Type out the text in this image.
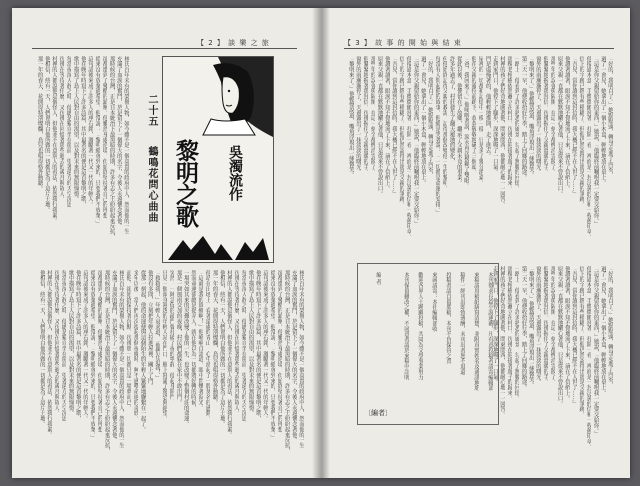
【 2 】 談 樂 之 旅
林氏百年未有的榮譽人物，如今雖不是一個高貴的政府中人，然而他的一生
充滿了血淚的奮鬥，於是留下了一個偉大的名字，令後人永遠懷念著他。
那時候的台灣，正是日本統治下最黑暗的時期，許多有志之士紛紛起來反抗，
卻都遭到了殘酷的鎮壓。他雖然身處逆境，但始終堅持著自己的理想，
從來沒有放棄過希望。他常說：「黎明總會到來的，只要我們不放棄。」
這句話後來成了許多人的座右銘，激勵著一代又一代的年輕人。
他在晚年時寫下了許多詩篇，其中最著名的便是這首黎明之歌，
歌中描寫了島上人民對自由的渴望，以及對未來的無限憧憬。
每當夜深人靜之時，他總是獨自坐在窗前，望著遠方的天空沉思，
彷彿在等待著什麼，又彷彿在回憶著那些逝去的歲月與故人。
村裡的人都說他是個怪人，但他並不在意別人的看法，依然我行我素。
他相信，終有一天，人們會明白他所做的一切都是為了這片土地。
那一年的春天，花開得特別燦爛，鳥兒也唱得格外動聽。
林氏百年未有的榮譽人物，如今雖不是一個高貴的政府中人，然而他的一生
充滿了血淚的奮鬥，於是留下了一個偉大的名字，令後人永遠懷念著他。
那時候的台灣，正是日本統治下最黑暗的時期，許多有志之士紛紛起來反抗，
卻都遭到了殘酷的鎮壓。他雖然身處逆境，但始終堅持著自己的理想，
從來沒有放棄過希望。他常說：「黎明總會到來的，只要我們不放棄。」
這句話後來成了許多人的座右銘，激勵著一代又一代的年輕人。
他在晚年時寫下了許多詩篇，其中最著名的便是這首黎明之歌，
歌中描寫了島上人民對自由的渴望，以及對未來的無限憧憬。
每當夜深人靜之時，他總是獨自坐在窗前，望著遠方的天空沉思，
彷彿在等待著什麼，又彷彿在回憶著那些逝去的歲月與故人。
村裡的人都說他是個怪人，但他並不在意別人的看法，依然我行我素。
他相信，終有一天，人們會明白他所做的一切都是為了這片土地。
那一年的春天，花開得特別燦爛，鳥兒也唱得格外動聽。
他站在田埂上，看著遠處的青山，心中湧起了一股莫名的感動。
「這就是我的故鄉啊！」他喃喃自語道，眼中閃爍著淚光。
然而命運卻總是捉弄人，就在他以為一切都將好轉的時候，
一場突如其來的災難改變了他的一生，也改變了整個村莊的命運。
那是一個風雨交加的夜晚，村民們都躲在家中不敢出門。
突然，一陣急促的敲門聲打破了夜的寧靜，他起身開門，
只見一個渾身濕透的年輕人站在門口，臉上寫滿了驚恐與絕望。
「救救我！」年輕人哀求道，「他們在追我！」
他沒有多問，立刻把年輕人拉進屋裡，關上了門。
從那一刻起，他的命運便與這個陌生的年輕人緊緊地聯繫在一起了。
多年以後，當人們再次提起那個夜晚時，無不感嘆命運的奇妙。
而他，卻始終保持著沉默，彷彿那一切都只是一場夢而已。
林氏百年未有的榮譽人物，如今雖不是一個高貴的政府中人，然而他的一生
充滿了血淚的奮鬥，於是留下了一個偉大的名字，令後人永遠懷念著他。
那時候的台灣，正是日本統治下最黑暗的時期，許多有志之士紛紛起來反抗，
卻都遭到了殘酷的鎮壓。他雖然身處逆境，但始終堅持著自己的理想，
從來沒有放棄過希望。他常說：「黎明總會到來的，只要我們不放棄。」
這句話後來成了許多人的座右銘，激勵著一代又一代的年輕人。
他在晚年時寫下了許多詩篇，其中最著名的便是這首黎明之歌，
歌中描寫了島上人民對自由的渴望，以及對未來的無限憧憬。
每當夜深人靜之時，他總是獨自坐在窗前，望著遠方的天空沉思，
彷彿在等待著什麼，又彷彿在回憶著那些逝去的歲月與故人。
村裡的人都說他是個怪人，但他並不在意別人的看法，依然我行我素。
他相信，終有一天，人們會明白他所做的一切都是為了這片土地。
二十五  鶴鳴花問心曲曲 黎明之歌 吳濁流作
【 3 】 故 事 的 開 始 與 結 束
「好的，我明白了。」她點點頭，轉身走進了內室，
過了一會兒，她拿出了一個小木盒，輕輕地放在桌上。
「這是你父親留給你的東西，」她說，「他臨終前囑咐我一定要交給你。」
他接過木盒，手微微顫抖著，打開一看，裡面是一封泛黃的信和一枚舊印章。
信上的字跡已經有些模糊了，但他仍然認得出那是父親的筆跡。
「吾兒，當你讀到這封信時，我大概已經不在人世了……」
他讀著讀著，眼淚不知不覺地流了下來，滴在了信紙上。
原來父親一直都在默默地關心著他，只是從來不曾說出口。
那些年的誤會與隔閡，在這一刻全都煙消雲散了。
他緊緊地握著那封信，彷彿握住了父親溫暖的手。
窗外的雨漸漸停了，天邊露出了一抹淡淡的曙光。
「黎明來了。」他輕聲說道，嘴角浮現出一絲微笑。
第二天一早，他便收拾好行李，踏上了回鄉的路途。
一路上，他看到了許多熟悉的風景，勾起了無數的回憶。
那棵老榕樹依然矗立在村口，彷彿在迎接著遊子的歸來。
村裡的孩子們好奇地圍著他，問東問西，他都耐心地一一回答。
走到家門口，他停下了腳步，深深地吸了一口氣。
門是虛掩著的，他輕輕地推開，走了進去。
屋裡的一切都和記憶中一模一樣，只是多了幾分滄桑。
他在父親的靈位前跪下，恭恭敬敬地磕了三個頭。
「爸，我回來了。」他哽咽著說，淚水再次模糊了雙眼。
從此以後，他便留在了故鄉，繼承了父親未竟的事業。
許多年過去了，村莊發生了翻天覆地的變化，
但他始終記得父親的教誨，記得那個改變他一生的黎明。
每當有人問起他的故事，他總是笑著說：「一切都是命運的安排。」
「好的，我明白了。」她點點頭，轉身走進了內室，
過了一會兒，她拿出了一個小木盒，輕輕地放在桌上。
「這是你父親留給你的東西，」她說，「他臨終前囑咐我一定要交給你。」
他接過木盒，手微微顫抖著，打開一看，裡面是一封泛黃的信和一枚舊印章。
信上的字跡已經有些模糊了，但他仍然認得出那是父親的筆跡。
「吾兒，當你讀到這封信時，我大概已經不在人世了……」
他讀著讀著，眼淚不知不覺地流了下來，滴在了信紙上。
原來父親一直都在默默地關心著他，只是從來不曾說出口。
那些年的誤會與隔閡，在這一刻全都煙消雲散了。
他緊緊地握著那封信，彷彿握住了父親溫暖的手。
窗外的雨漸漸停了，天邊露出了一抹淡淡的曙光。
「黎明來了。」他輕聲說道，嘴角浮現出一絲微笑。
「好的，我明白了。」她點點頭，轉身走進了內室，
過了一會兒，她拿出了一個小木盒，輕輕地放在桌上。
「這是你父親留給你的東西，」她說，「他臨終前囑咐我一定要交給你。」
他接過木盒，手微微顫抖著，打開一看，裡面是一封泛黃的信和一枚舊印章。
信上的字跡已經有些模糊了，但他仍然認得出那是父親的筆跡。
「吾兒，當你讀到這封信時，我大概已經不在人世了……」
他讀著讀著，眼淚不知不覺地流了下來，滴在了信紙上。
原來父親一直都在默默地關心著他，只是從來不曾說出口。
那些年的誤會與隔閡，在這一刻全都煙消雲散了。
他緊緊地握著那封信，彷彿握住了父親溫暖的手。
窗外的雨漸漸停了，天邊露出了一抹淡淡的曙光。
「黎明來了。」他輕聲說道，嘴角浮現出一絲微笑。
第二天一早，他便收拾好行李，踏上了回鄉的路途。
一路上，他看到了許多熟悉的風景，勾起了無數的回憶。
那棵老榕樹依然矗立在村口，彷彿在迎接著遊子的歸來。
村裡的孩子們好奇地圍著他，問東問西，他都耐心地一一回答。
走到家門口，他停下了腳步，深深地吸了一口氣。
本刊徵求長篇小說連載，凡有意投稿者請寄編輯部
來稿請用稿紙繕寫清楚，並附真實姓名及通訊地址
稿件一經刊出即致薄酬，未刊出者恕不退還
投稿者請自留底稿，本刊不負保管之責
來函請寄：本社編輯部收
歡迎各界人士踴躍投稿，共同為文學事業努力
本刊保留刪改之權，不同意者請於來稿中註明
編 者
〔編者〕
